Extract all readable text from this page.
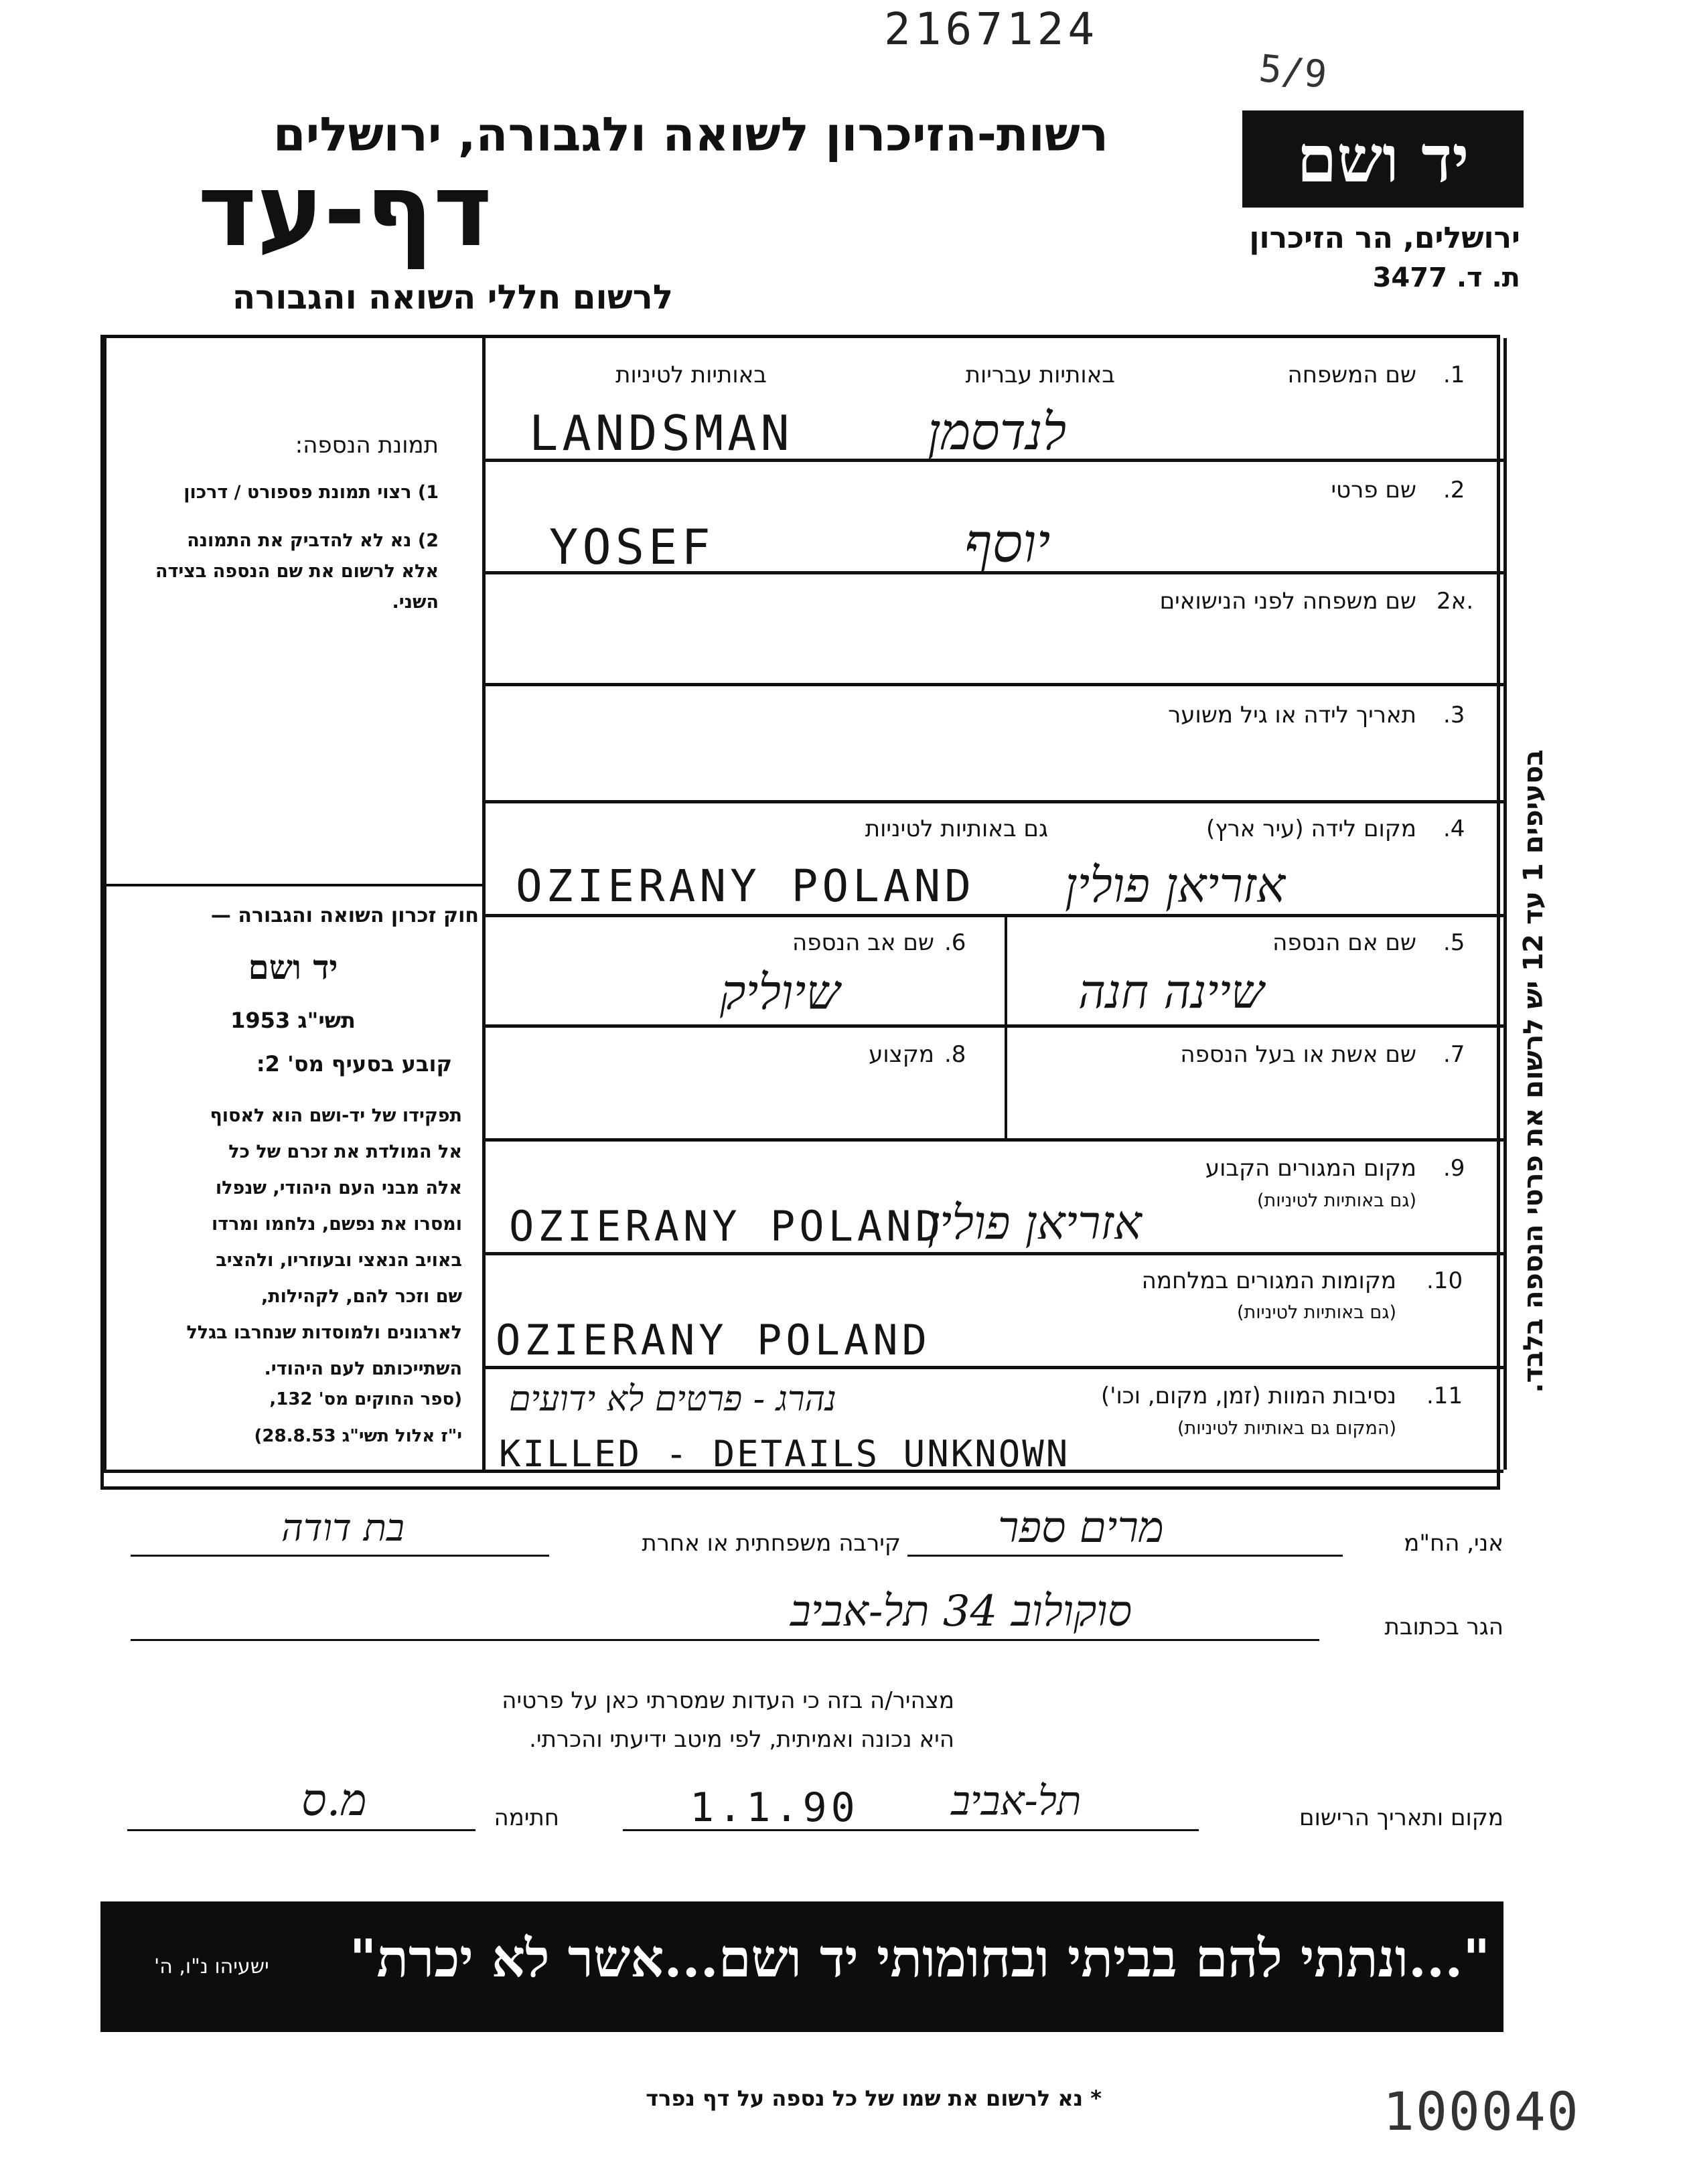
2167124
5/9
רשות-הזיכרון לשואה ולגבורה, ירושלים
דף-עד
לרשום חללי השואה והגבורה
יד ושם
ירושלים, הר הזיכרון
ת. ד. 3477
תמונת הנספה:
1) רצוי תמונת פספורט / דרכון
2) נא לא להדביק את התמונה
אלא לרשום את שם הנספה בצידה
השני.
חוק זכרון השואה והגבורה —
יד ושם
תשי"ג 1953
קובע בסעיף מס' 2:
תפקידו של יד-ושם הוא לאסוף
אל המולדת את זכרם של כל
אלה מבני העם היהודי, שנפלו
ומסרו את נפשם, נלחמו ומרדו
באויב הנאצי ובעוזריו, ולהציב
שם וזכר להם, לקהילות,
לארגונים ולמוסדות שנחרבו בגלל
השתייכותם לעם היהודי.
(ספר החוקים מס' 132,
י"ז אלול תשי"ג 28.8.53)
.1
שם המשפחה
באותיות עבריות
באותיות לטיניות
LANDSMAN	לנדסמן
.2
שם פרטי
YOSEF	יוסף
2א.
שם משפחה לפני הנישואים
.3
תאריך לידה או גיל משוער
.4
מקום לידה (עיר ארץ)
גם באותיות לטיניות
OZIERANY POLAND אזריאן פולין
.5
שם אם הנספה
שיינה חנה
.6
שם אב הנספה
שיוליק
.7
שם אשת או בעל הנספה
.8
מקצוע
.9
מקום המגורים הקבוע
(גם באותיות לטיניות)
OZIERANY POLAND
אזריאן פולין
.10
מקומות המגורים במלחמה
(גם באותיות לטיניות)
OZIERANY POLAND
.11
נסיבות המוות (זמן, מקום, וכו')
(המקום גם באותיות לטיניות)
נהרג - פרטים לא ידועים
KILLED - DETAILS UNKNOWN
בסעיפים 1 עד 12 יש לרשום את פרטי הנספה בלבד.
אני, הח"מ
מרים ספר
קירבה משפחתית או אחרת
בת דודה
הגר בכתובת
סוקולוב 34 תל-אביב
מצהיר/ה בזה כי העדות שמסרתי כאן על פרטיה
היא נכונה ואמיתית, לפי מיטב ידיעתי והכרתי.
מקום ותאריך הרישום
תל-אביב
1.1.90
חתימה
מ.ס
"...ונתתי להם בביתי ובחומותי יד ושם...אשר לא יכרת"
ישעיהו נ"ו, ה'
* נא לרשום את שמו של כל נספה על דף נפרד	100040
